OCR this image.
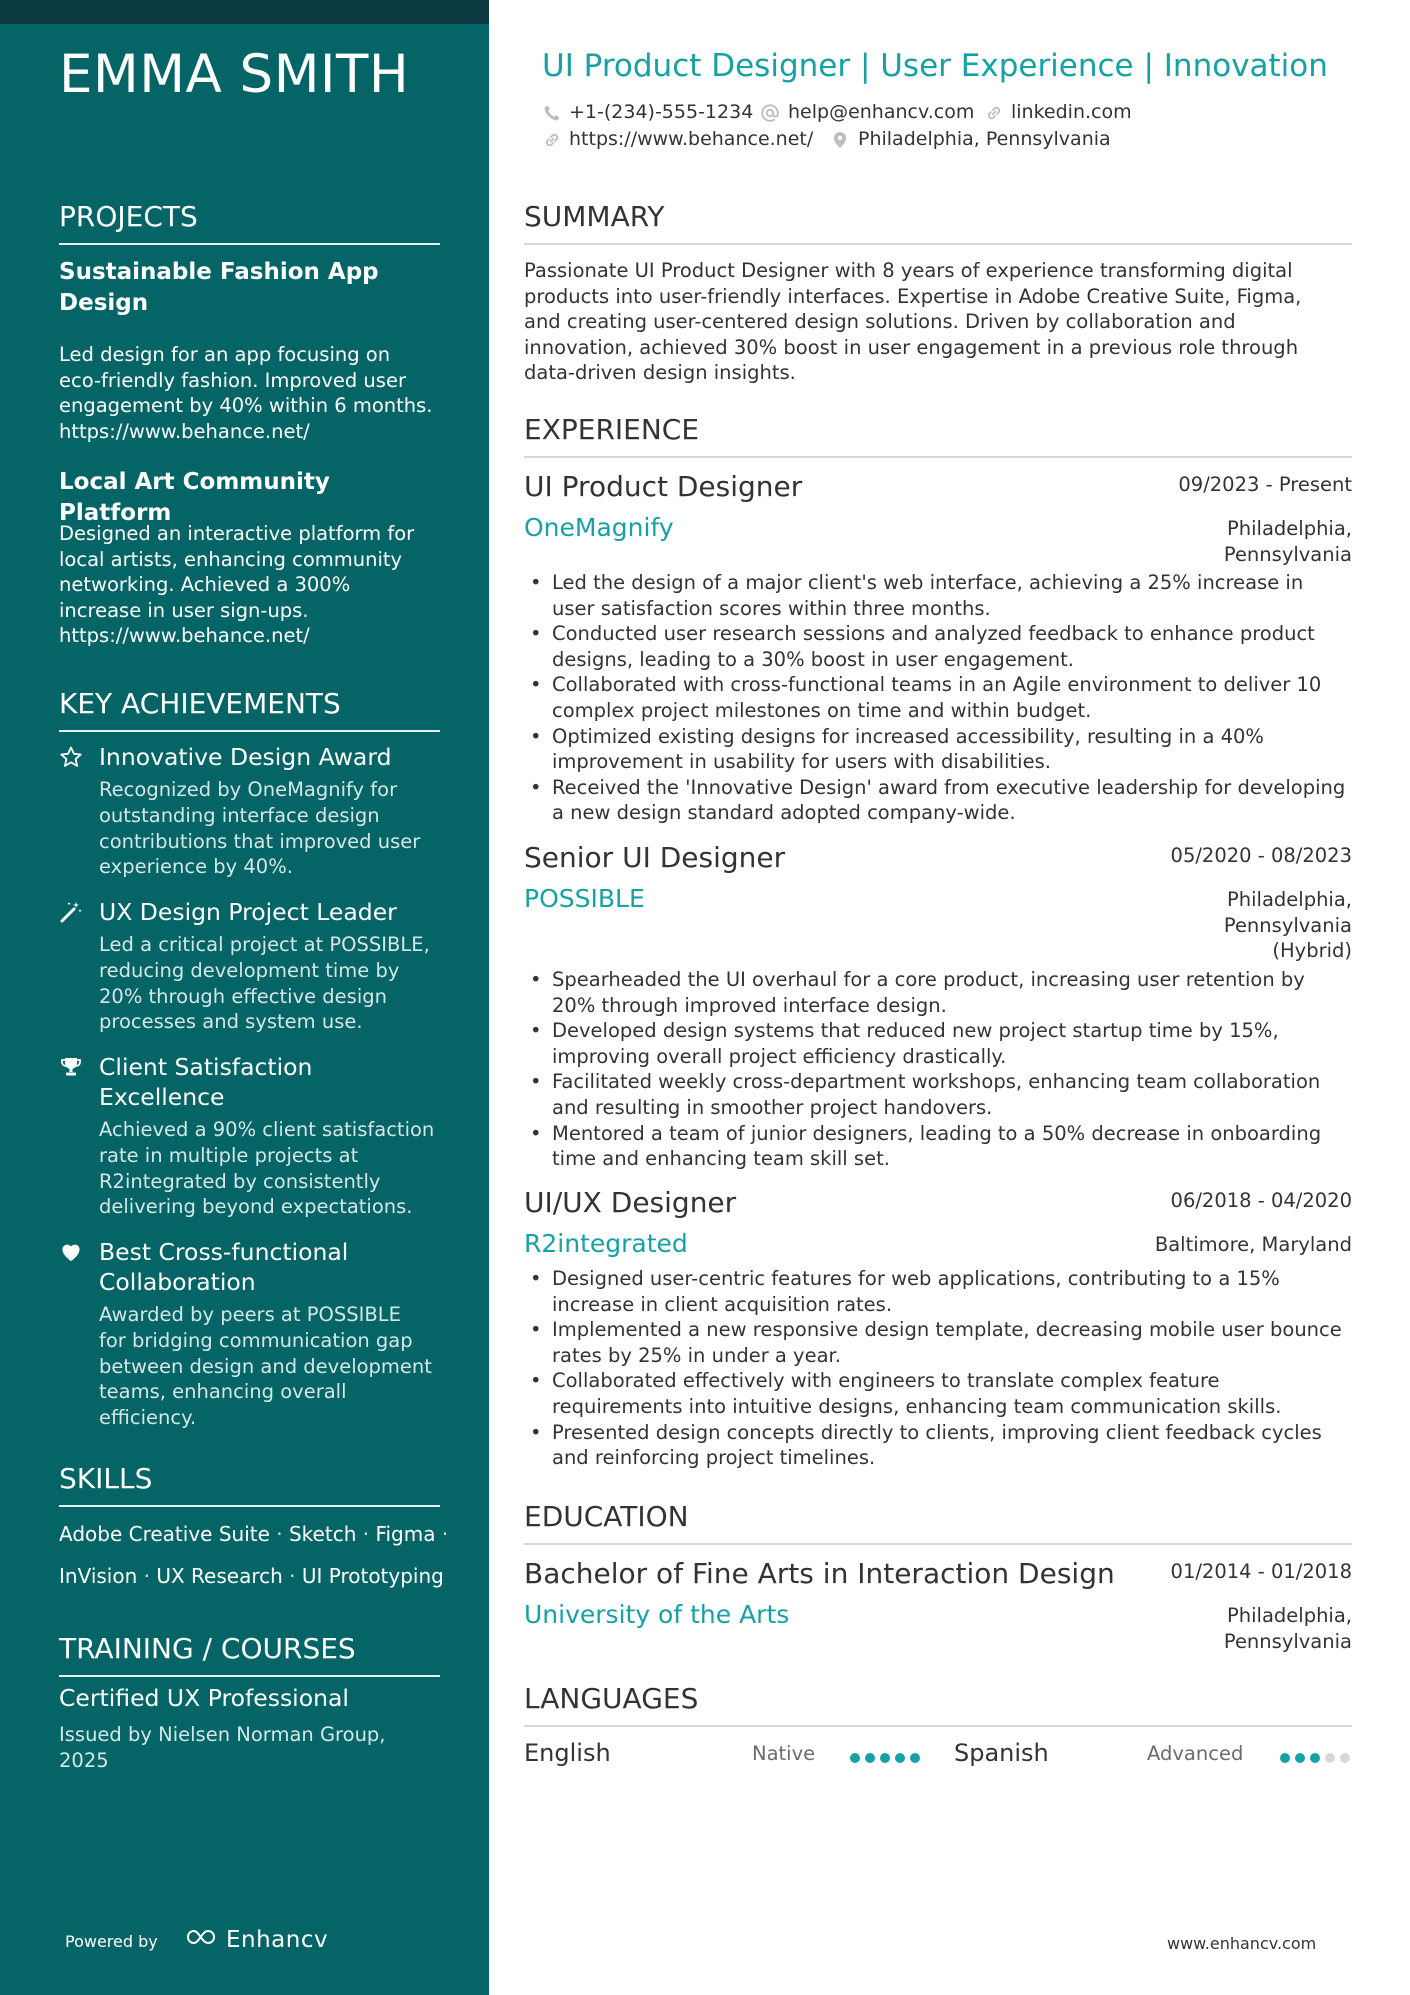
EMMA SMITH
PROJECTS
Sustainable Fashion App
Design
Led design for an app focusing on
eco-friendly fashion. Improved user
engagement by 40% within 6 months.
https://www.behance.net/
Local Art Community Platform
Designed an interactive platform for
local artists, enhancing community
networking. Achieved a 300%
increase in user sign-ups.
https://www.behance.net/
KEY ACHIEVEMENTS
Innovative Design Award
Recognized by OneMagnify for
outstanding interface design
contributions that improved user
experience by 40%.
UX Design Project Leader
Led a critical project at POSSIBLE,
reducing development time by
20% through effective design
processes and system use.
Client Satisfaction
Excellence
Achieved a 90% client satisfaction
rate in multiple projects at
R2integrated by consistently
delivering beyond expectations.
Best Cross-functional
Collaboration
Awarded by peers at POSSIBLE
for bridging communication gap
between design and development
teams, enhancing overall
efficiency.
SKILLS
Adobe Creative Suite · Sketch · Figma ·
InVision · UX Research · UI Prototyping
TRAINING / COURSES
Certified UX Professional
Issued by Nielsen Norman Group,
2025
Powered by	Enhancv
UI Product Designer | User Experience | Innovation
+1-(234)-555-1234 help@enhancv.com linkedin.com
https://www.behance.net/ Philadelphia, Pennsylvania
SUMMARY
Passionate UI Product Designer with 8 years of experience transforming digital
products into user-friendly interfaces. Expertise in Adobe Creative Suite, Figma,
and creating user-centered design solutions. Driven by collaboration and
innovation, achieved 30% boost in user engagement in a previous role through
data-driven design insights.
EXPERIENCE
UI Product Designer	09/2023 - Present
OneMagnify	Philadelphia,
Pennsylvania
• Led the design of a major client's web interface, achieving a 25% increase in
user satisfaction scores within three months.
• Conducted user research sessions and analyzed feedback to enhance product
designs, leading to a 30% boost in user engagement.
• Collaborated with cross-functional teams in an Agile environment to deliver 10
complex project milestones on time and within budget.
• Optimized existing designs for increased accessibility, resulting in a 40%
improvement in usability for users with disabilities.
• Received the 'Innovative Design' award from executive leadership for developing
a new design standard adopted company-wide.
Senior UI Designer	05/2020 - 08/2023
POSSIBLE	Philadelphia,
Pennsylvania
(Hybrid)
• Spearheaded the UI overhaul for a core product, increasing user retention by
20% through improved interface design.
• Developed design systems that reduced new project startup time by 15%,
improving overall project efficiency drastically.
• Facilitated weekly cross-department workshops, enhancing team collaboration
and resulting in smoother project handovers.
• Mentored a team of junior designers, leading to a 50% decrease in onboarding
time and enhancing team skill set.
UI/UX Designer	06/2018 - 04/2020
R2integrated	Baltimore, Maryland
• Designed user-centric features for web applications, contributing to a 15%
increase in client acquisition rates.
• Implemented a new responsive design template, decreasing mobile user bounce
rates by 25% in under a year.
• Collaborated effectively with engineers to translate complex feature
requirements into intuitive designs, enhancing team communication skills.
• Presented design concepts directly to clients, improving client feedback cycles
and reinforcing project timelines.
EDUCATION
Bachelor of Fine Arts in Interaction Design	01/2014 - 01/2018
University of the Arts	Philadelphia,
Pennsylvania
LANGUAGES
English	Native	Spanish	Advanced
www.enhancv.com
